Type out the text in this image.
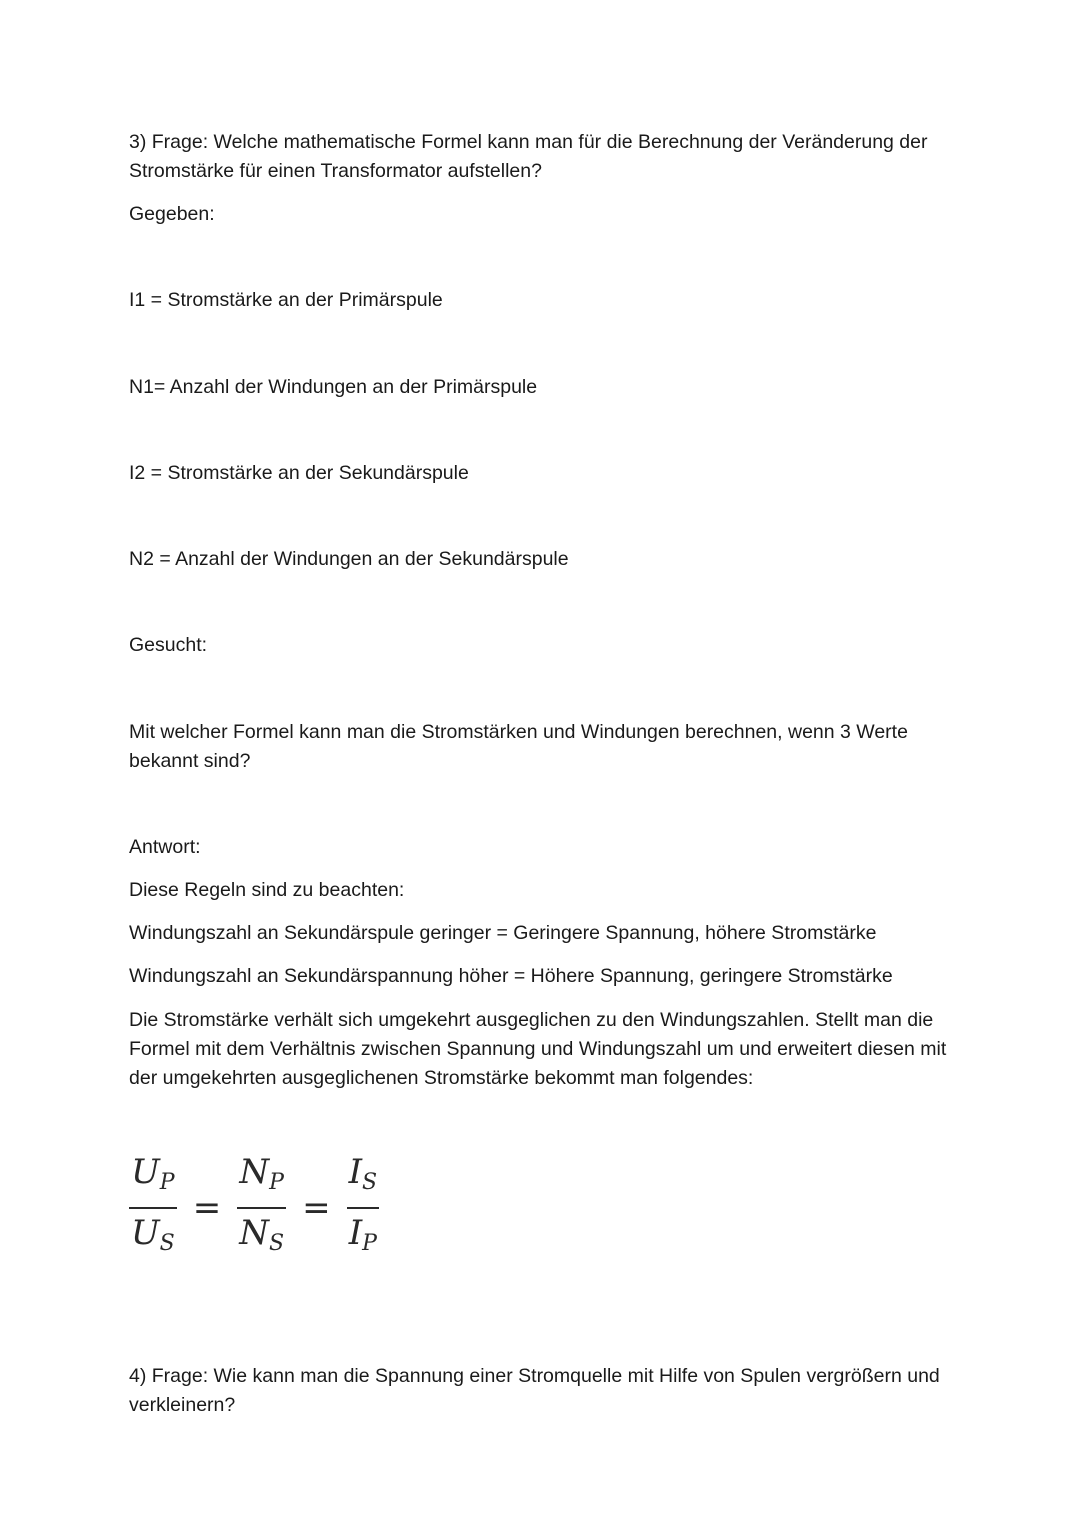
3) Frage: Welche mathematische Formel kann man für die Berechnung der Veränderung der Stromstärke für einen Transformator aufstellen?

Gegeben:

I1 = Stromstärke an der Primärspule

N1= Anzahl der Windungen an der Primärspule

I2 = Stromstärke an der Sekundärspule

N2 = Anzahl der Windungen an der Sekundärspule

Gesucht:

Mit welcher Formel kann man die Stromstärken und Windungen berechnen, wenn 3 Werte bekannt sind?

Antwort:

Diese Regeln sind zu beachten:

Windungszahl an Sekundärspule geringer = Geringere Spannung, höhere Stromstärke

Windungszahl an Sekundärspannung höher = Höhere Spannung, geringere Stromstärke

Die Stromstärke verhält sich umgekehrt ausgeglichen zu den Windungszahlen. Stellt man die Formel mit dem Verhältnis zwischen Spannung und Windungszahl um und erweitert diesen mit der umgekehrten ausgeglichenen Stromstärke bekommt man folgendes:

$\frac{U_P}{U_S} = \frac{N_P}{N_S} = \frac{I_S}{I_P}$

4) Frage: Wie kann man die Spannung einer Stromquelle mit Hilfe von Spulen vergrößern und verkleinern?
